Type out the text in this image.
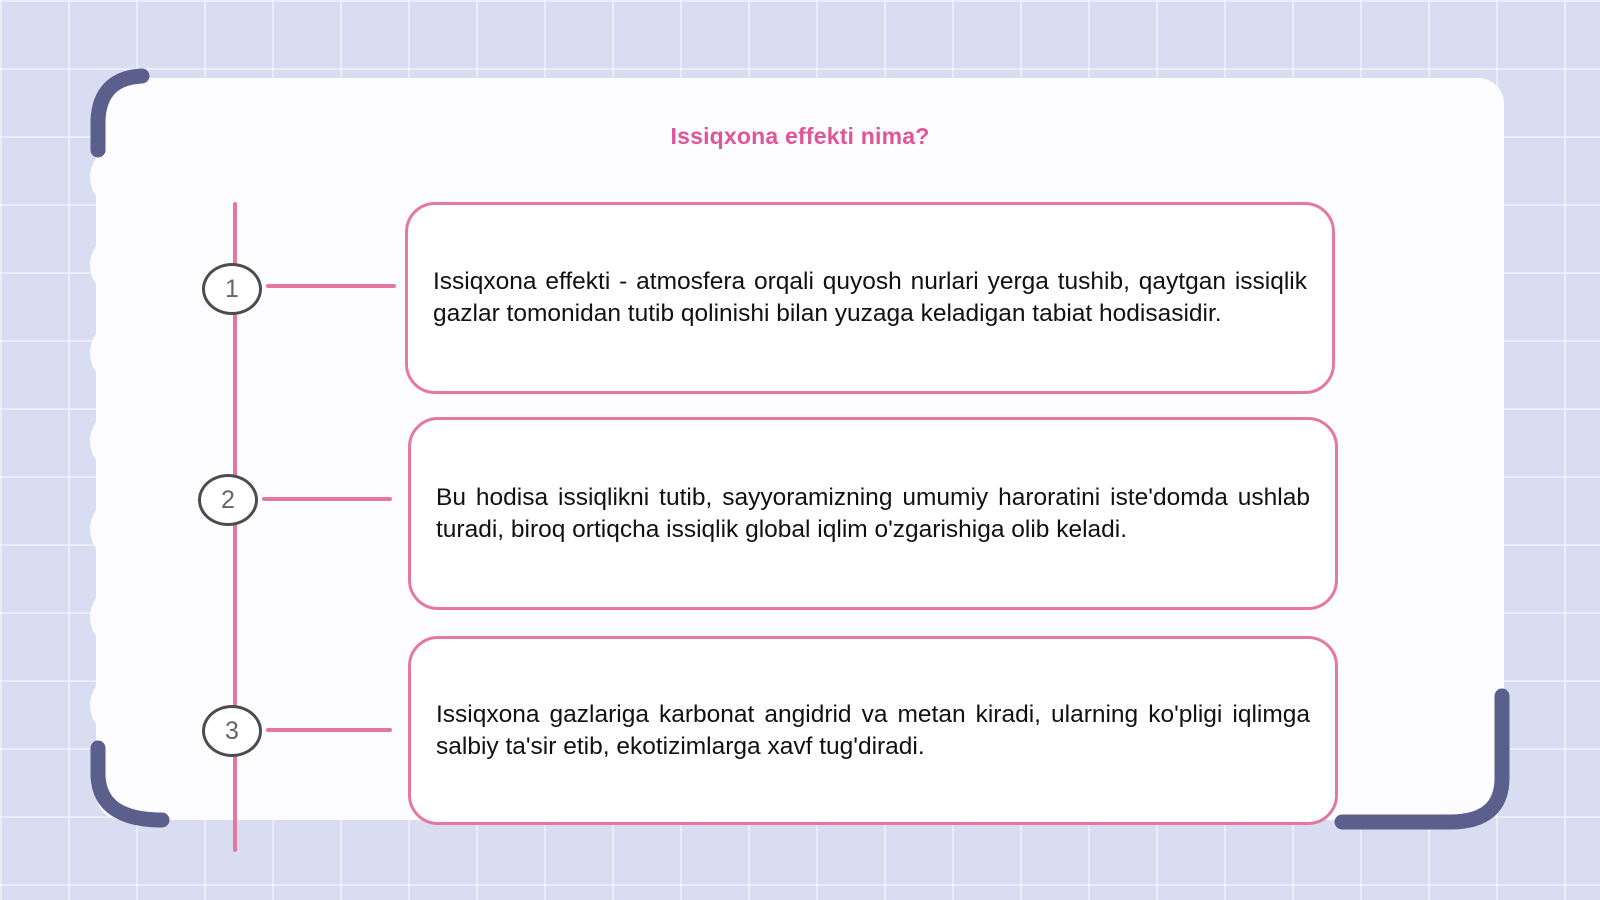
Issiqxona effekti nima?
1	Issiqxona effekti - atmosfera orqali quyosh nurlari yerga tushib, qaytgan issiqlik gazlar tomonidan tutib qolinishi bilan yuzaga keladigan tabiat hodisasidir.

2	Bu hodisa issiqlikni tutib, sayyoramizning umumiy haroratini iste'domda ushlab turadi, biroq ortiqcha issiqlik global iqlim o'zgarishiga olib keladi.

3

Issiqxona gazlariga karbonat angidrid va metan kiradi, ularning ko'pligi iqlimga salbiy ta'sir etib, ekotizimlarga xavf tug'diradi.
